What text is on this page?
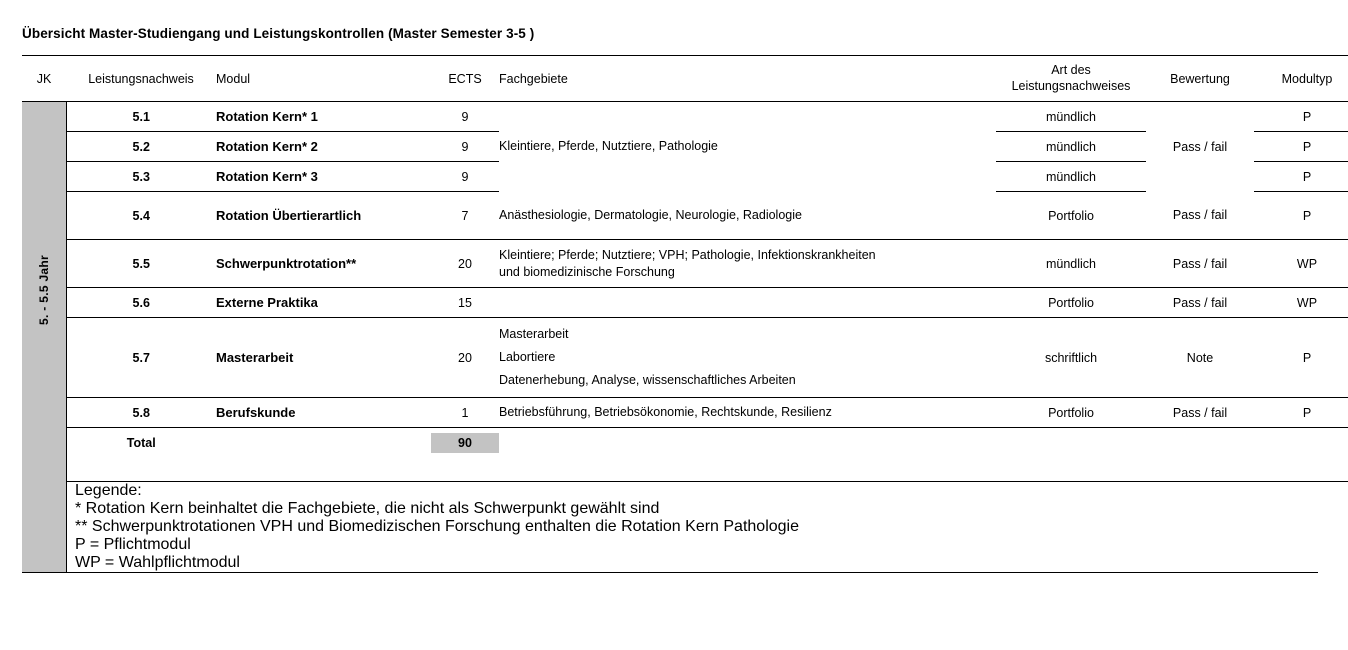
Übersicht Master-Studiengang und Leistungskontrollen (Master Semester 3-5 )
JK	Leistungsnachweis	Modul	ECTS	Fachgebiete	Art des
Leistungsnachweises	Bewertung	Modultyp
5. - 5.5 Jahr	5.1	Rotation Kern* 1	9	Kleintiere, Pferde, Nutztiere, Pathologie	mündlich	Pass / fail	P
	5.2	Rotation Kern* 2	9		mündlich		P
	5.3	Rotation Kern* 3	9		mündlich		P
	5.4	Rotation Übertierartlich	7	Anästhesiologie, Dermatologie, Neurologie, Radiologie	Portfolio	Pass / fail	P
	5.5	Schwerpunktrotation**	20	Kleintiere; Pferde; Nutztiere; VPH; Pathologie, Infektionskrankheiten
und biomedizinische Forschung	mündlich	Pass / fail	WP
	5.6	Externe Praktika	15		Portfolio	Pass / fail	WP
	5.7	Masterarbeit	20	Masterarbeit
Labortiere
Datenerhebung, Analyse, wissenschaftliches Arbeiten	schriftlich	Note	P
	5.8	Berufskunde	1	Betriebsführung, Betriebsökonomie, Rechtskunde, Resilienz	Portfolio	Pass / fail	P
	Total		90				

Legende:
* Rotation Kern beinhaltet die Fachgebiete, die nicht als Schwerpunkt gewählt sind
** Schwerpunktrotationen VPH und Biomedizischen Forschung enthalten die Rotation Kern Pathologie
P = Pflichtmodul
WP = Wahlpflichtmodul
